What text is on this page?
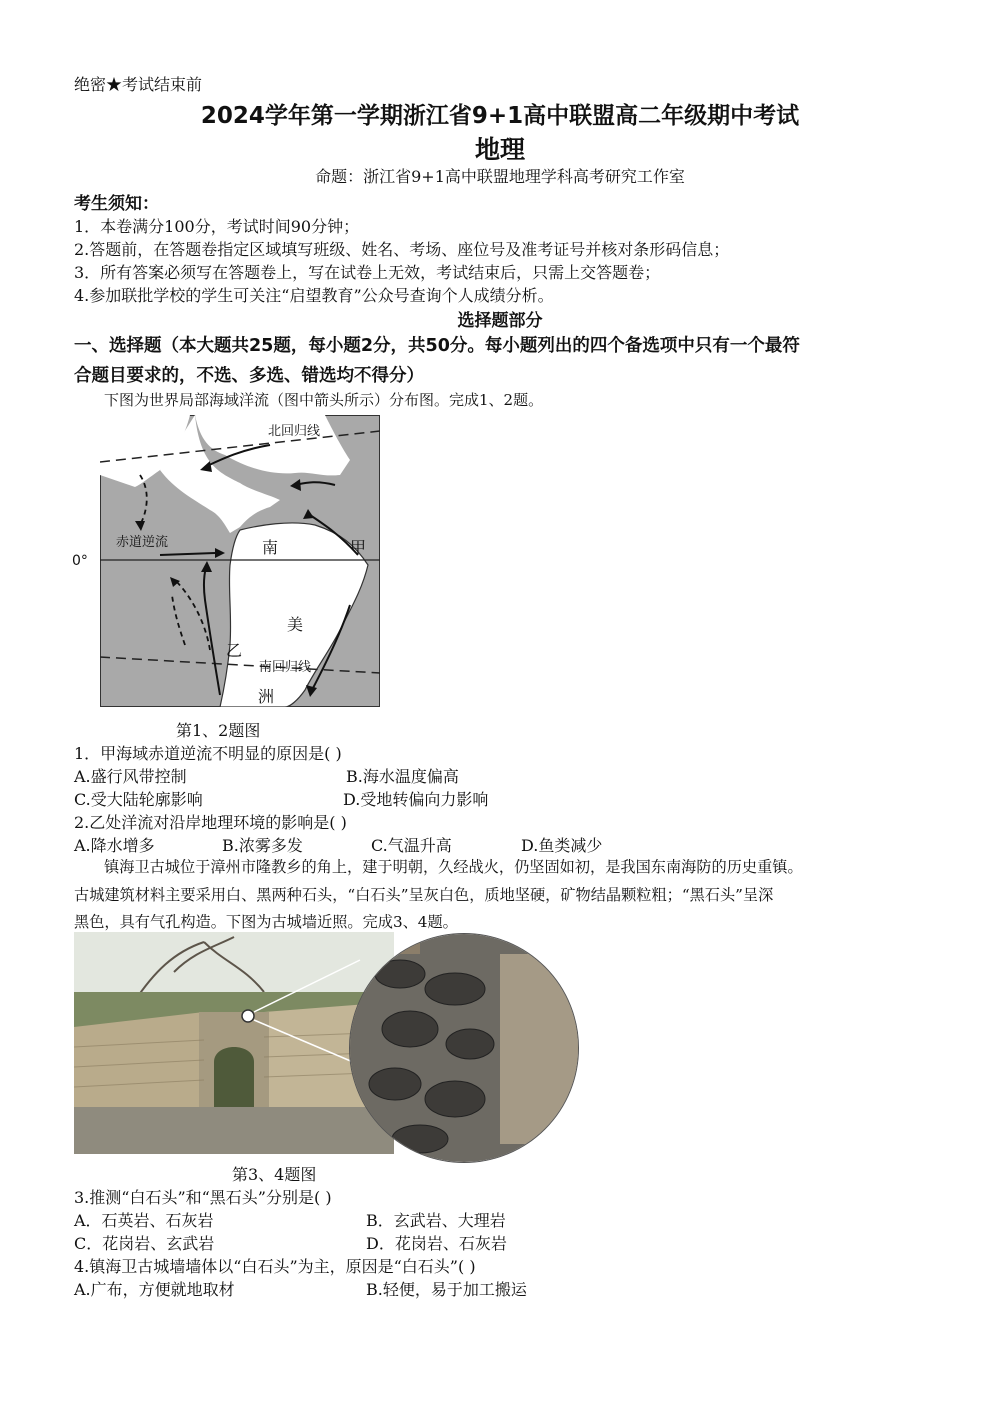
绝密★考试结束前
2024学年第一学期浙江省9+1高中联盟高二年级期中考试
地理
命题：浙江省9+1高中联盟地理学科高考研究工作室
考生须知：
1．本卷满分100分，考试时间90分钟；
2.答题前，在答题卷指定区域填写班级、姓名、考场、座位号及准考证号并核对条形码信息；
3．所有答案必须写在答题卷上，写在试卷上无效，考试结束后，只需上交答题卷；
4.参加联批学校的学生可关注“启望教育”公众号查询个人成绩分析。
选择题部分
一、选择题（本大题共25题，每小题2分，共50分。每小题列出的四个备选项中只有一个最符
合题目要求的，不选、多选、错选均不得分）
下图为世界局部海域洋流（图中箭头所示）分布图。完成1、2题。
北回归线
赤道逆流
0°
南	甲
美
乙
南回归线
洲
第1、2题图
1．甲海域赤道逆流不明显的原因是( )
A.盛行风带控制	B.海水温度偏高
C.受大陆轮廓影响	D.受地转偏向力影响
2.乙处洋流对沿岸地理环境的影响是( )
A.降水增多	B.浓雾多发	C.气温升高	D.鱼类减少
镇海卫古城位于漳州市隆教乡的角上，建于明朝，久经战火，仍坚固如初，是我国东南海防的历史重镇。
古城建筑材料主要采用白、黑两种石头，“白石头”呈灰白色，质地坚硬，矿物结晶颗粒粗；“黑石头”呈深
黑色，具有气孔构造。下图为古城墙近照。完成3、4题。
第3、4题图
3.推测“白石头”和“黑石头”分别是( )
A．石英岩、石灰岩	B．玄武岩、大理岩
C．花岗岩、玄武岩	D．花岗岩、石灰岩
4.镇海卫古城墙墙体以“白石头”为主，原因是“白石头”( )
A.广布，方便就地取材	B.轻便，易于加工搬运
